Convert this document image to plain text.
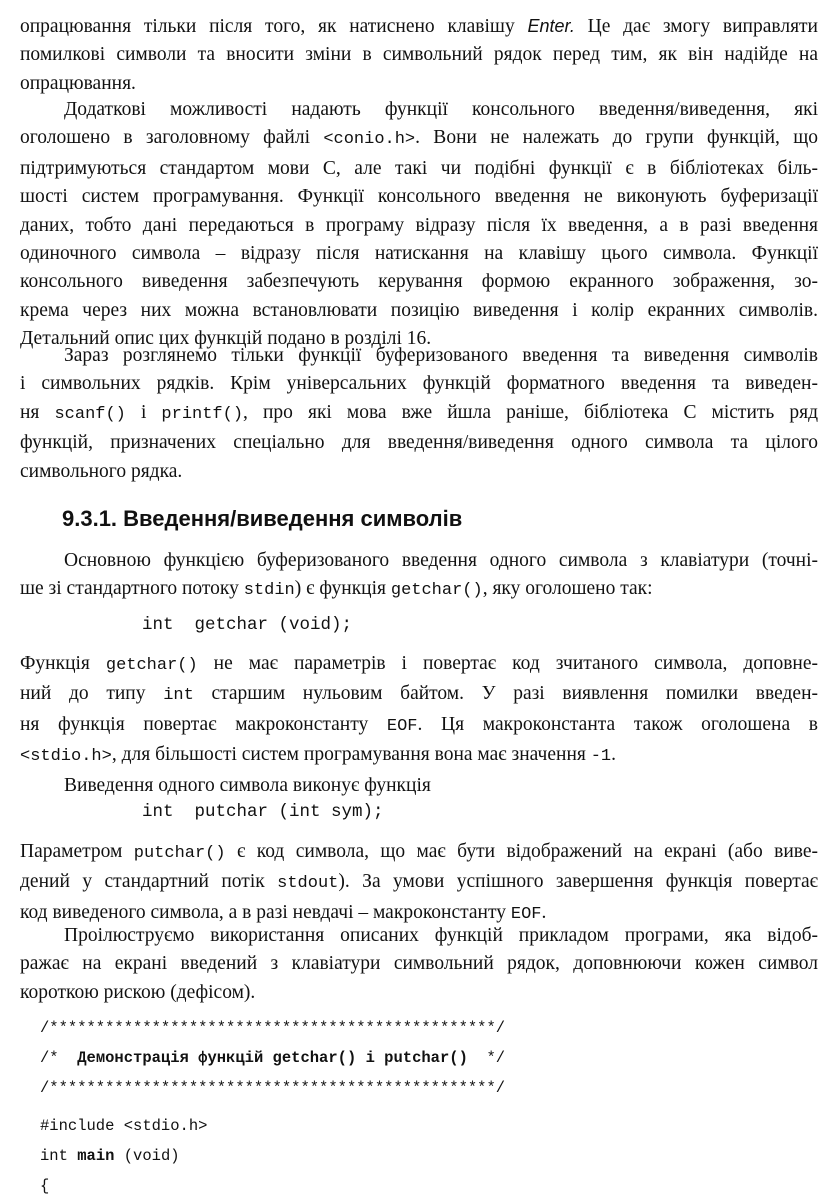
опрацювання тільки після того, як натиснено клавішу Enter. Це дає змогу виправляти
помилкові символи та вносити зміни в символьний рядок перед тим, як він надійде на
опрацювання.
Додаткові можливості надають функції консольного введення/виведення, які
оголошено в заголовному файлі <conio.h>. Вони не належать до групи функцій, що
підтримуються стандартом мови С, але такі чи подібні функції є в бібліотеках біль-
шості систем програмування. Функції консольного введення не виконують буферизації
даних, тобто дані передаються в програму відразу після їх введення, а в разі введення
одиночного символа – відразу після натискання на клавішу цього символа. Функції
консольного виведення забезпечують керування формою екранного зображення, зо-
крема через них можна встановлювати позицію виведення і колір екранних символів.
Детальний опис цих функцій подано в розділі 16.
Зараз розглянемо тільки функції буферизованого введення та виведення символів
і символьних рядків. Крім універсальних функцій форматного введення та виведен-
ня scanf() і printf(), про які мова вже йшла раніше, бібліотека С містить ряд
функцій, призначених спеціально для введення/виведення одного символа та цілого
символьного рядка.
9.3.1. Введення/виведення символів
Основною функцією буферизованого введення одного символа з клавіатури (точні-
ше зі стандартного потоку stdin) є функція getchar(), яку оголошено так:
int  getchar (void);
Функція getchar() не має параметрів і повертає код зчитаного символа, доповне-
ний до типу int старшим нульовим байтом. У разі виявлення помилки введен-
ня функція повертає макроконстанту EOF. Ця макроконстанта також оголошена в
<stdio.h>, для більшості систем програмування вона має значення -1.
Виведення одного символа виконує функція
int  putchar (int sym);
Параметром putchar() є код символа, що має бути відображений на екрані (або виве-
дений у стандартний потік stdout). За умови успішного завершення функція повертає
код виведеного символа, а в разі невдачі – макроконстанту EOF.
Проілюструємо використання описаних функцій прикладом програми, яка відоб-
ражає на екрані введений з клавіатури символьний рядок, доповнюючи кожен символ
короткою рискою (дефісом).
/************************************************/
/*  Демонстрація функцій getchar() і putchar()  */
/************************************************/

#include <stdio.h>
int main (void)
{
